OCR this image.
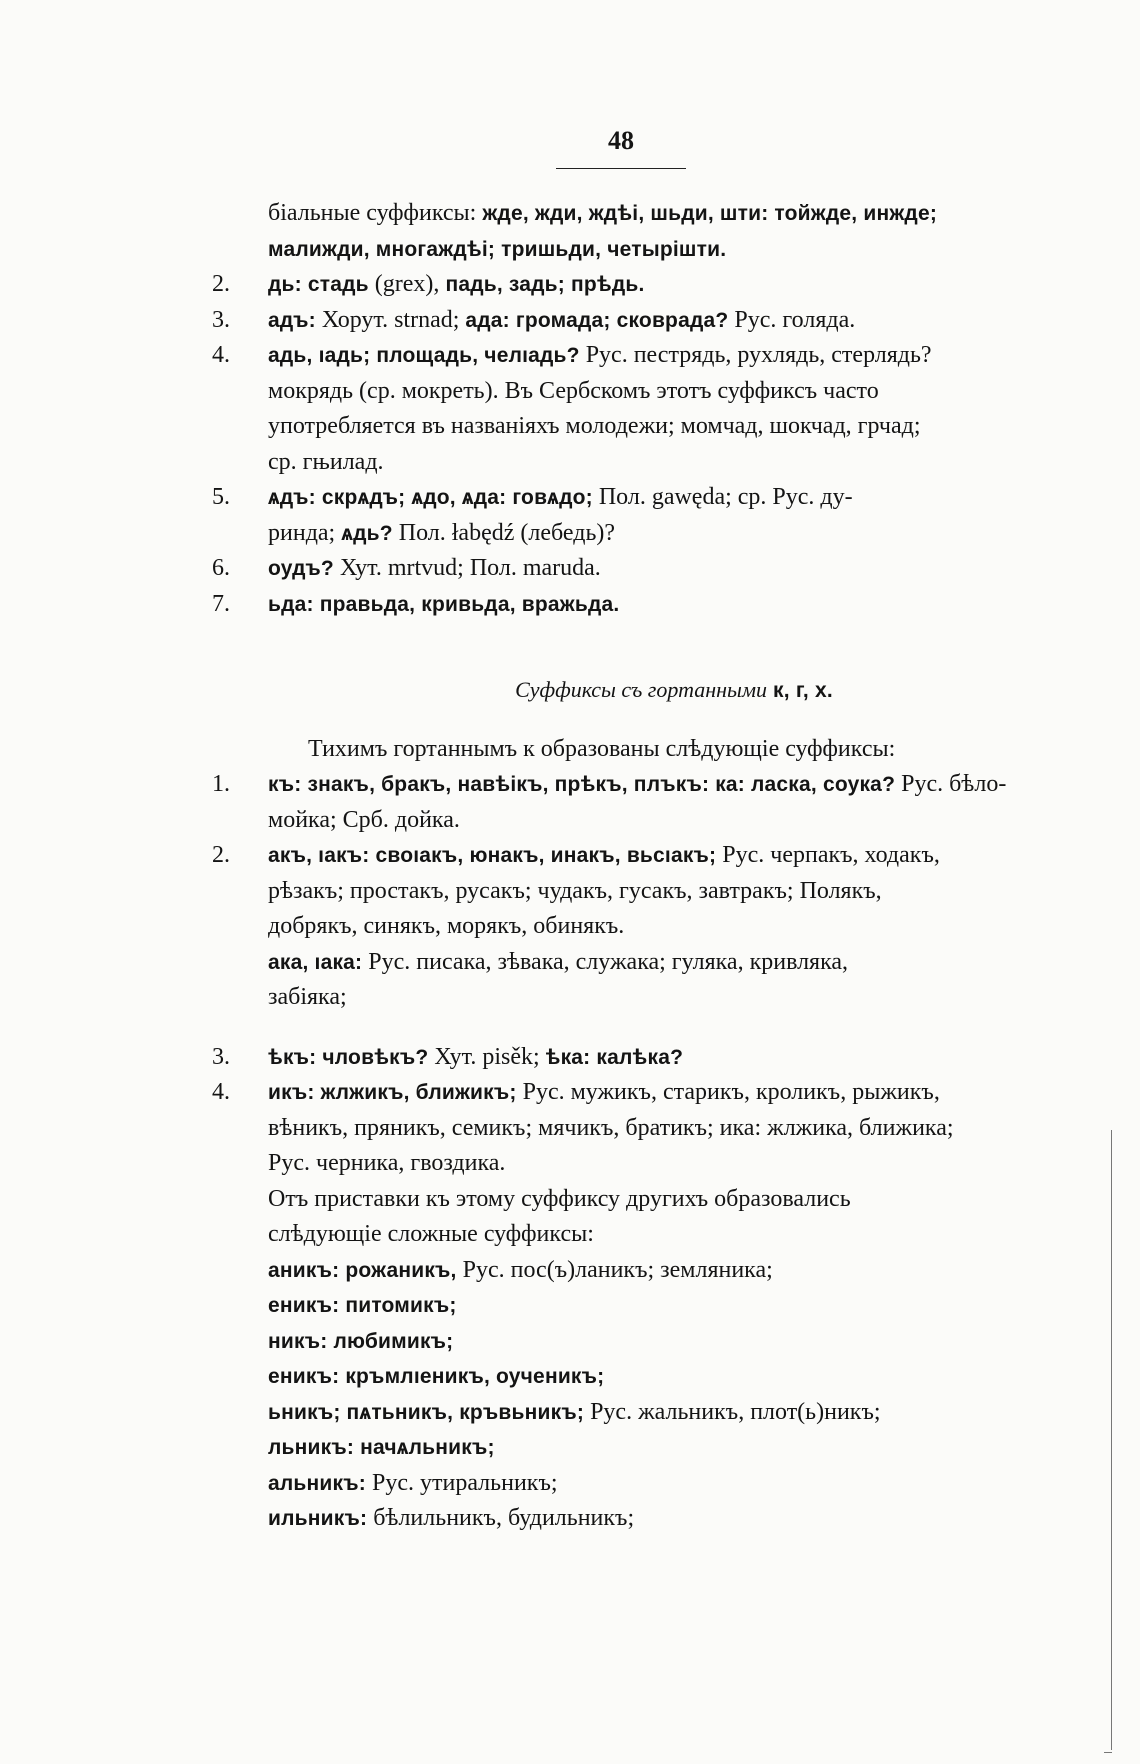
48
біальные суффиксы: жде, жди, ждѣі, шьди, шти: тойжде, инжде;
малижди, многаждѣі; тришьди, четырішти.
2. дь: стадь (grex), падь, задь; прѣдь.
3. адъ: Хорут. strnad; ада: громада; сковрада? Рус. голяда.
4. адь, ıадь; площадь, челıадь? Рус. пестрядь, рухлядь, стерлядь?
мокрядь (ср. мокреть). Въ Сербскомъ этотъ суффиксъ часто
употребляется въ названіяхъ молодежи; момчад, шокчад, грчад;
ср. гњилад.
5. ѧдъ: скрѧдъ; ѧдо, ѧда: говѧдо; Пол. gawęda; ср. Рус. ду-
ринда; ѧдь? Пол. łabędź (лебедь)?
6. оудъ? Хут. mrtvud; Пол. maruda.
7. ьда: правьда, кривьда, вражьда.
Суффиксы съ гортанными к, г, х.
Тихимъ гортаннымъ к образованы слѣдующіе суффиксы:
1. къ: знакъ, бракъ, навѣікъ, прѣкъ, плъкъ: ка: ласка, соука? Рус. бѣло-
мойка; Срб. дойка.
2. акъ, ıакъ: своıакъ, юнакъ, инакъ, вьсıакъ; Рус. черпакъ, ходакъ,
рѣзакъ; простакъ, русакъ; чудакъ, гусакъ, завтракъ; Полякъ,
добрякъ, синякъ, морякъ, обинякъ.
ака, ıака: Рус. писака, зѣвака, служака; гуляка, кривляка,
забіяка;
3. ѣкъ: чловѣкъ? Хут. pisěk; ѣка: калѣка?
4. икъ: жлжикъ, ближикъ; Рус. мужикъ, старикъ, кроликъ, рыжикъ,
вѣникъ, пряникъ, семикъ; мячикъ, братикъ; ика: жлжика, ближика;
Рус. черника, гвоздика.
Отъ приставки къ этому суффиксу другихъ образовались
слѣдующіе сложные суффиксы:
аникъ: рожаникъ, Рус. пос(ъ)ланикъ; земляника;
еникъ: питомикъ;
никъ: любимикъ;
еникъ: кръмлıеникъ, оученикъ;
ьникъ; пѧтьникъ, кръвьникъ; Рус. жальникъ, плот(ь)никъ;
льникъ: начѧльникъ;
альникъ: Рус. утиральникъ;
ильникъ: бѣлильникъ, будильникъ;
